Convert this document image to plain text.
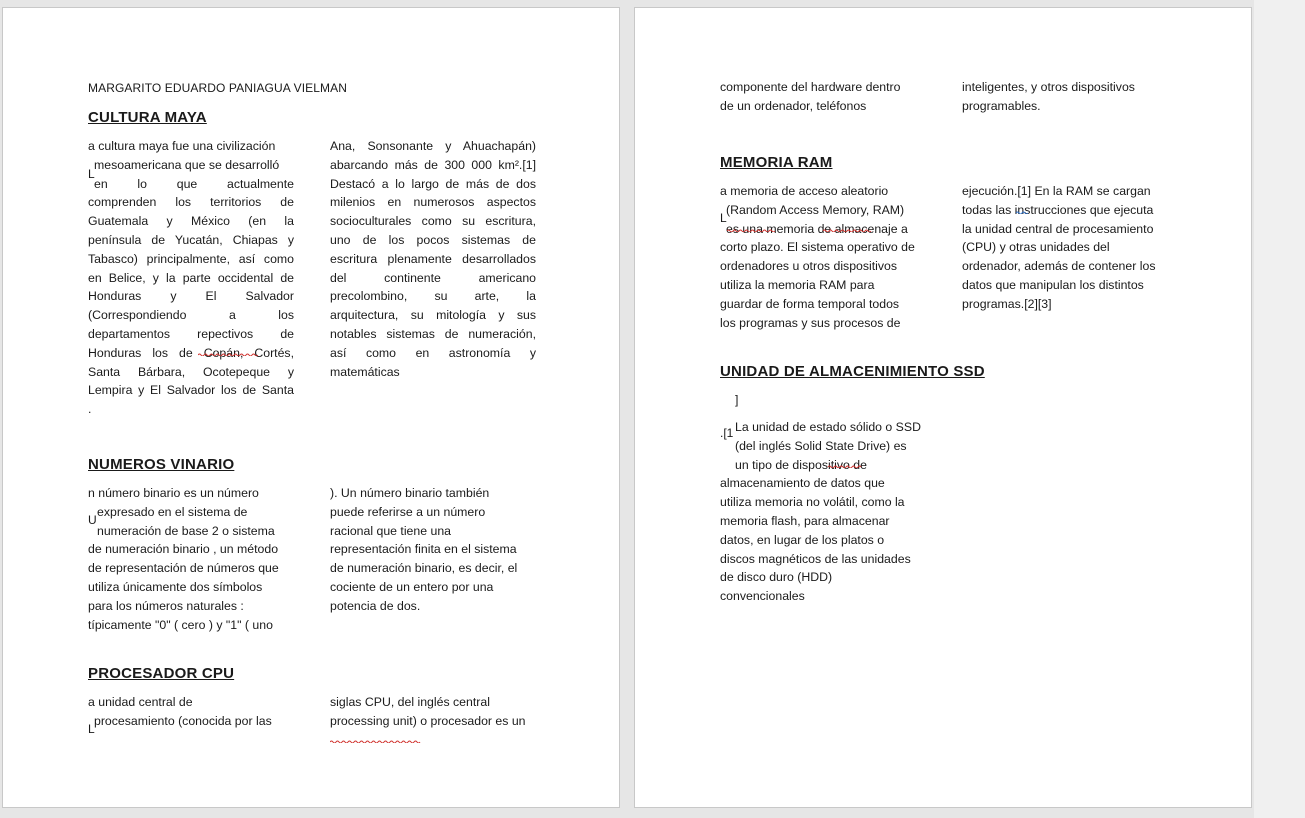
MARGARITO EDUARDO PANIAGUA VIELMAN
CULTURA MAYA
L

a cultura maya fue una civilización

mesoamericana que se desarrolló

en lo que actualmente

comprenden los territorios de

Guatemala y México (en la

península de Yucatán, Chiapas y

Tabasco) principalmente, así como

en Belice, y la parte occidental de

Honduras y El Salvador

(Correspondiendo a los

departamentos repectivos de

Honduras los de Copán, Cortés,

Santa Bárbara, Ocotepeque y

Lempira y El Salvador los de Santa

.

Ana, Sonsonante y Ahuachapán)

abarcando más de 300 000 km².[1]

Destacó a lo largo de más de dos

milenios en numerosos aspectos

socioculturales como su escritura,

uno de los pocos sistemas de

escritura plenamente desarrollados

del continente americano

precolombino, su arte, la

arquitectura, su mitología y sus

notables sistemas de numeración,

así como en astronomía y

matemáticas

NUMEROS VINARIO
U

n número binario es un número

expresado en el sistema de

numeración de base 2 o sistema

de numeración binario , un método

de representación de números que

utiliza únicamente dos símbolos

para los números naturales :

típicamente "0" ( cero ) y "1" ( uno

). Un número binario también

puede referirse a un número

racional que tiene una

representación finita en el sistema

de numeración binario, es decir, el

cociente de un entero por una

potencia de dos.

PROCESADOR CPU
L

a unidad central de

procesamiento (conocida por las

siglas CPU, del inglés central

processing unit) o procesador es un

componente del hardware dentro

de un ordenador, teléfonos

inteligentes, y otros dispositivos

programables.

MEMORIA RAM
L

a memoria de acceso aleatorio

(Random Access Memory, RAM)

es una memoria de almacenaje a

corto plazo. El sistema operativo de

ordenadores u otros dispositivos

utiliza la memoria RAM para

guardar de forma temporal todos

los programas y sus procesos de

ejecución.[1] En la RAM se cargan

todas las instrucciones que ejecuta

la unidad central de procesamiento

(CPU) y otras unidades del

ordenador, además de contener los

datos que manipulan los distintos

programas.[2][3]

UNIDAD DE ALMACENIMIENTO SSD
]
.[1 La unidad de estado sólido o SSD

(del inglés Solid State Drive) es

un tipo de dispositivo de

almacenamiento de datos que

utiliza memoria no volátil, como la

memoria flash, para almacenar

datos, en lugar de los platos o

discos magnéticos de las unidades

de disco duro (HDD)

convencionales
